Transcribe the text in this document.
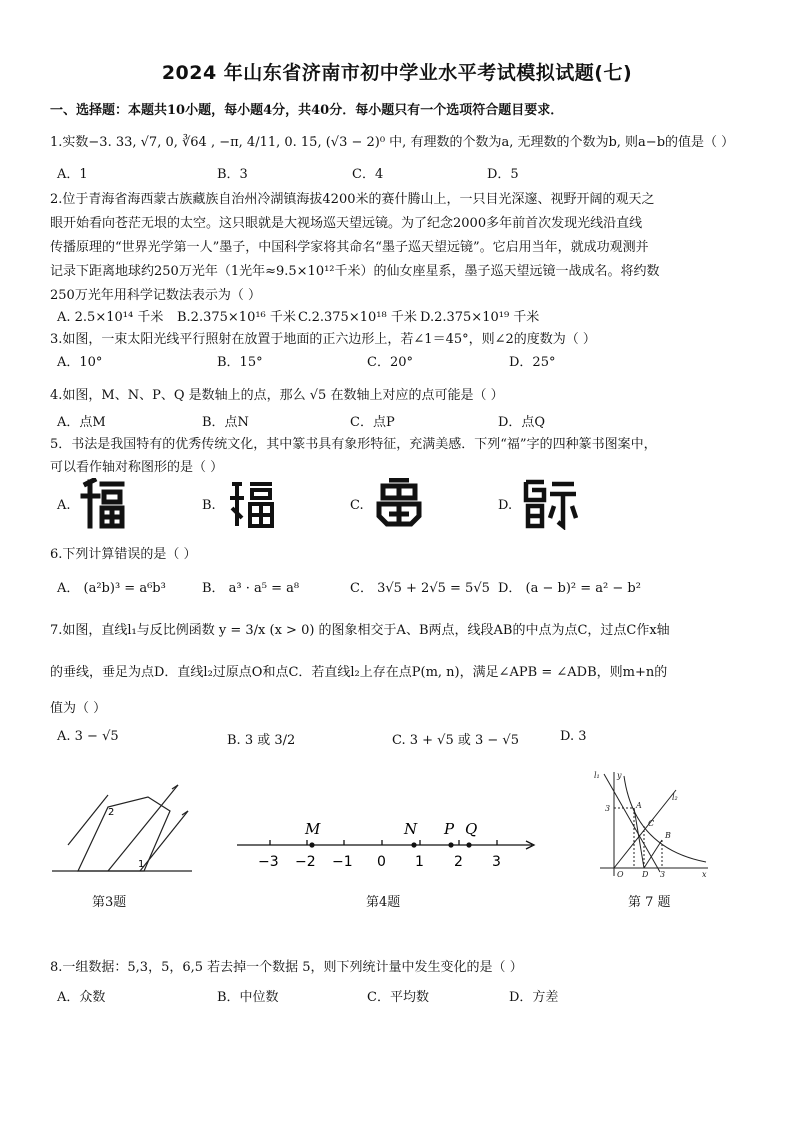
2024 年山东省济南市初中学业水平考试模拟试题(七)
一、选择题：本题共10小题，每小题4分，共40分．每小题只有一个选项符合题目要求．
1.实数−3. 33, √7, 0, ∛64 , −π, 4/11, 0. 15̇, (√3 − 2)⁰ 中, 有理数的个数为a, 无理数的个数为b, 则a−b的值是（ ）
A．1	B．3	C．4	D．5
2.位于青海省海西蒙古族藏族自治州冷湖镇海拔4200米的赛什腾山上，一只目光深邃、视野开阔的观天之
眼开始看向苍茫无垠的太空。这只眼就是大视场巡天望远镜。为了纪念2000多年前首次发现光线沿直线
传播原理的“世界光学第一人”墨子，中国科学家将其命名“墨子巡天望远镜”。它启用当年，就成功观测并
记录下距离地球约250万光年（1光年≈9.5×10¹²千米）的仙女座星系，墨子巡天望远镜一战成名。将约数
250万光年用科学记数法表示为（ ）
A. 2.5×10¹⁴ 千米 B.2.375×10¹⁶ 千米 C.2.375×10¹⁸ 千米 D.2.375×10¹⁹ 千米
3.如图，一束太阳光线平行照射在放置于地面的正六边形上，若∠1＝45°，则∠2的度数为（ ）
A．10°	B．15°	C．20°	D．25°
4.如图，M、N、P、Q 是数轴上的点，那么 √5 在数轴上对应的点可能是（ ）
A．点M	B．点N	C．点P	D．点Q
5．书法是我国特有的优秀传统文化，其中篆书具有象形特征，充满美感．下列“福”字的四种篆书图案中，
可以看作轴对称图形的是（ ）
A.	B.	C.	D.
6.下列计算错误的是（ ）
A． (a²b)³ = a⁶b³	B． a³ · a⁵ = a⁸	C． 3√5 + 2√5 = 5√5 D． (a − b)² = a² − b²
7.如图，直线l₁与反比例函数 y = 3/x (x > 0) 的图象相交于A、B两点，线段AB的中点为点C，过点C作x轴
的垂线，垂足为点D．直线l₂过原点O和点C．若直线l₂上存在点P(m, n)，满足∠APB = ∠ADB，则m+n的
值为（ ）
A. 3 − √5	B. 3 或 3/2	C. 3 + √5 或 3 − √5	D. 3
2
1
第3题
M	N P Q
−3 −2 −1 0 1 2 3
第4题
l₁ y
l₂
A
C
B
3
O D 3	x
第 7 题
8.一组数据：5,3，5，6,5 若去掉一个数据 5，则下列统计量中发生变化的是（ ）
A．众数	B．中位数	C．平均数	D．方差
